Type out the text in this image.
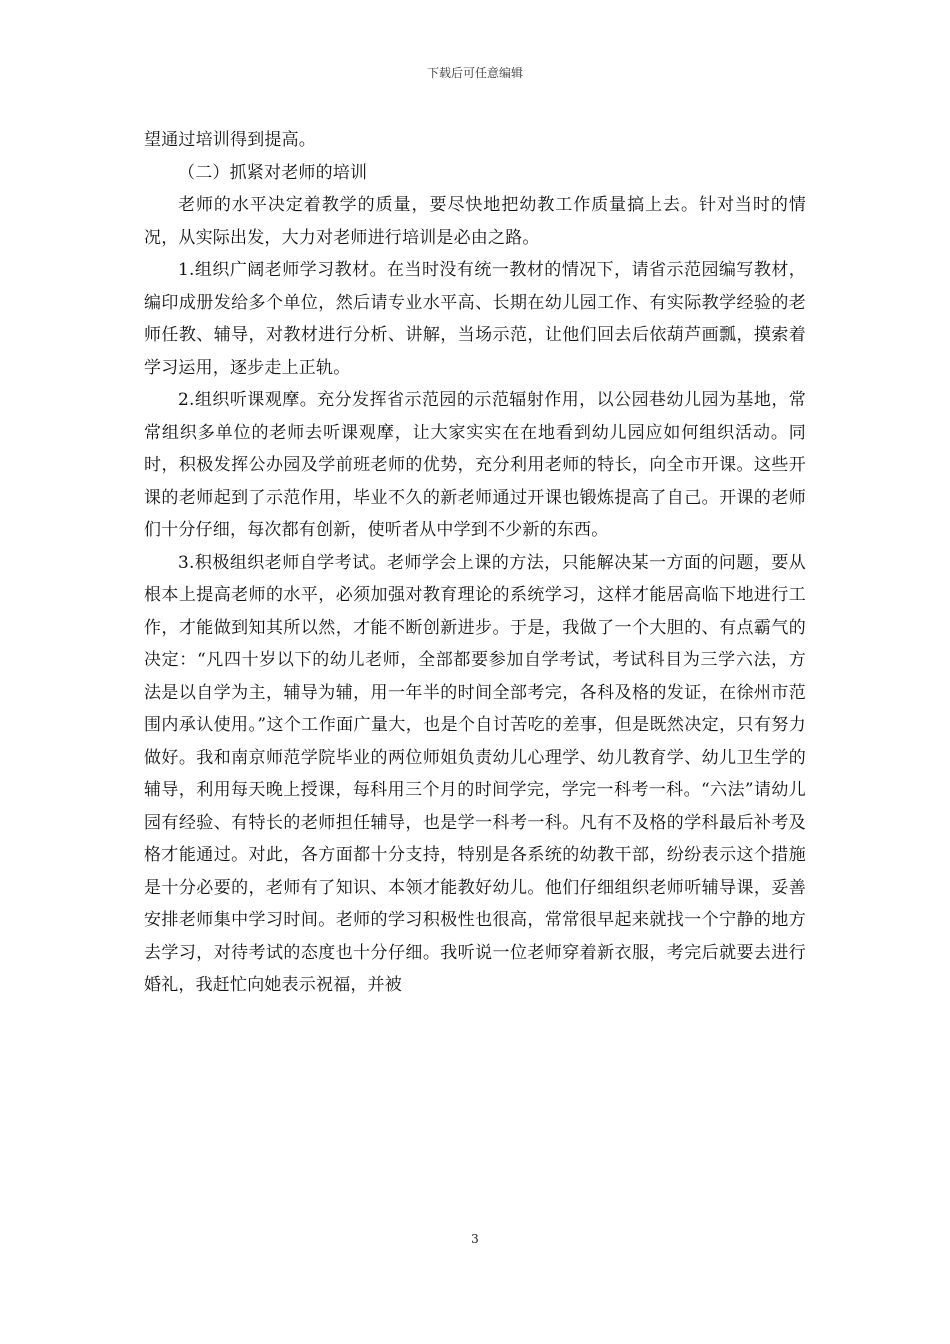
下载后可任意编辑

望通过培训得到提高。

（二）抓紧对老师的培训

老师的水平决定着教学的质量，要尽快地把幼教工作质量搞上去。针对当时的情况，从实际出发，大力对老师进行培训是必由之路。

1.组织广阔老师学习教材。在当时没有统一教材的情况下，请省示范园编写教材，编印成册发给多个单位，然后请专业水平高、长期在幼儿园工作、有实际教学经验的老师任教、辅导，对教材进行分析、讲解，当场示范，让他们回去后依葫芦画瓢，摸索着学习运用，逐步走上正轨。

2.组织听课观摩。充分发挥省示范园的示范辐射作用，以公园巷幼儿园为基地，常常组织多单位的老师去听课观摩，让大家实实在在地看到幼儿园应如何组织活动。同时，积极发挥公办园及学前班老师的优势，充分利用老师的特长，向全市开课。这些开课的老师起到了示范作用，毕业不久的新老师通过开课也锻炼提高了自己。开课的老师们十分仔细，每次都有创新，使听者从中学到不少新的东西。

3.积极组织老师自学考试。老师学会上课的方法，只能解决某一方面的问题，要从根本上提高老师的水平，必须加强对教育理论的系统学习，这样才能居高临下地进行工作，才能做到知其所以然，才能不断创新进步。于是，我做了一个大胆的、有点霸气的决定：“凡四十岁以下的幼儿老师，全部都要参加自学考试，考试科目为三学六法，方法是以自学为主，辅导为辅，用一年半的时间全部考完，各科及格的发证，在徐州市范围内承认使用。”这个工作面广量大，也是个自讨苦吃的差事，但是既然决定，只有努力做好。我和南京师范学院毕业的两位师姐负责幼儿心理学、幼儿教育学、幼儿卫生学的辅导，利用每天晚上授课，每科用三个月的时间学完，学完一科考一科。“六法”请幼儿园有经验、有特长的老师担任辅导，也是学一科考一科。凡有不及格的学科最后补考及格才能通过。对此，各方面都十分支持，特别是各系统的幼教干部，纷纷表示这个措施是十分必要的，老师有了知识、本领才能教好幼儿。他们仔细组织老师听辅导课，妥善安排老师集中学习时间。老师的学习积极性也很高，常常很早起来就找一个宁静的地方去学习，对待考试的态度也十分仔细。我听说一位老师穿着新衣服，考完后就要去进行婚礼，我赶忙向她表示祝福，并被

3
